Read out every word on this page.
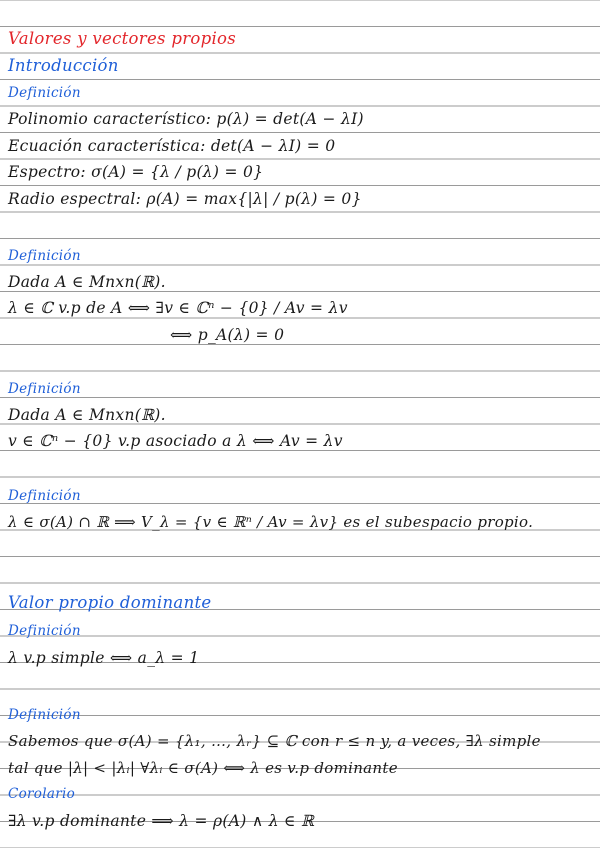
Valores y vectores propios
Introducción
Definición
Polinomio característico: p(λ) = det(A − λI)
Ecuación característica: det(A − λI) = 0
Espectro: σ(A) = {λ / p(λ) = 0}
Radio espectral: ρ(A) = max{|λ| / p(λ) = 0}
Definición
Dada A ∈ Mnxn(ℝ).
λ ∈ ℂ v.p de A ⟺ ∃v ∈ ℂⁿ − {0} / Av = λv
⟺ p_A(λ) = 0
Definición
Dada A ∈ Mnxn(ℝ).
v ∈ ℂⁿ − {0} v.p asociado a λ ⟺ Av = λv
Definición
λ ∈ σ(A) ∩ ℝ ⟹ V_λ = {v ∈ ℝⁿ / Av = λv} es el subespacio propio.
Valor propio dominante
Definición
λ v.p simple ⟺ a_λ = 1
Definición
Sabemos que σ(A) = {λ₁, …, λᵣ} ⊆ ℂ con r ≤ n y, a veces, ∃λ simple
tal que |λ| < |λᵢ| ∀λᵢ ∈ σ(A) ⟺ λ es v.p dominante
Corolario
∃λ v.p dominante ⟹ λ = ρ(A) ∧ λ ∈ ℝ
